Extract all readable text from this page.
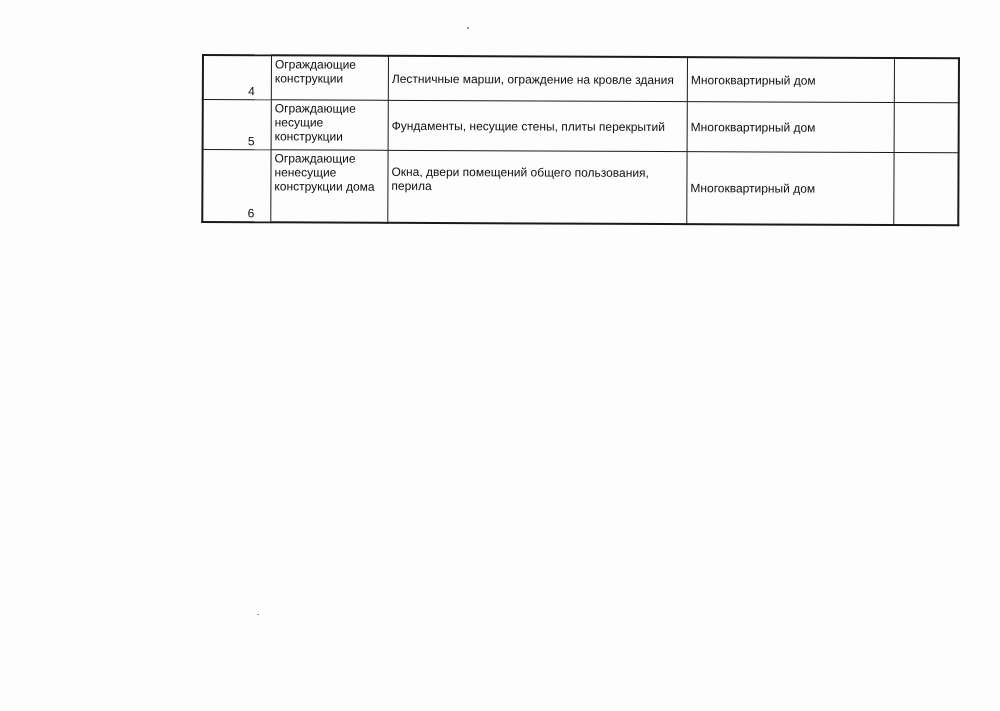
4	Ограждающие конструкции	Лестничные марши, ограждение на кровле здания	Многоквартирный дом	
5	Ограждающие несущие конструкции	Фундаменты, несущие стены, плиты перекрытий	Многоквартирный дом	
6	Ограждающие ненесущие конструкции дома	Окна, двери помещений общего пользования, перила	Многоквартирный дом	
